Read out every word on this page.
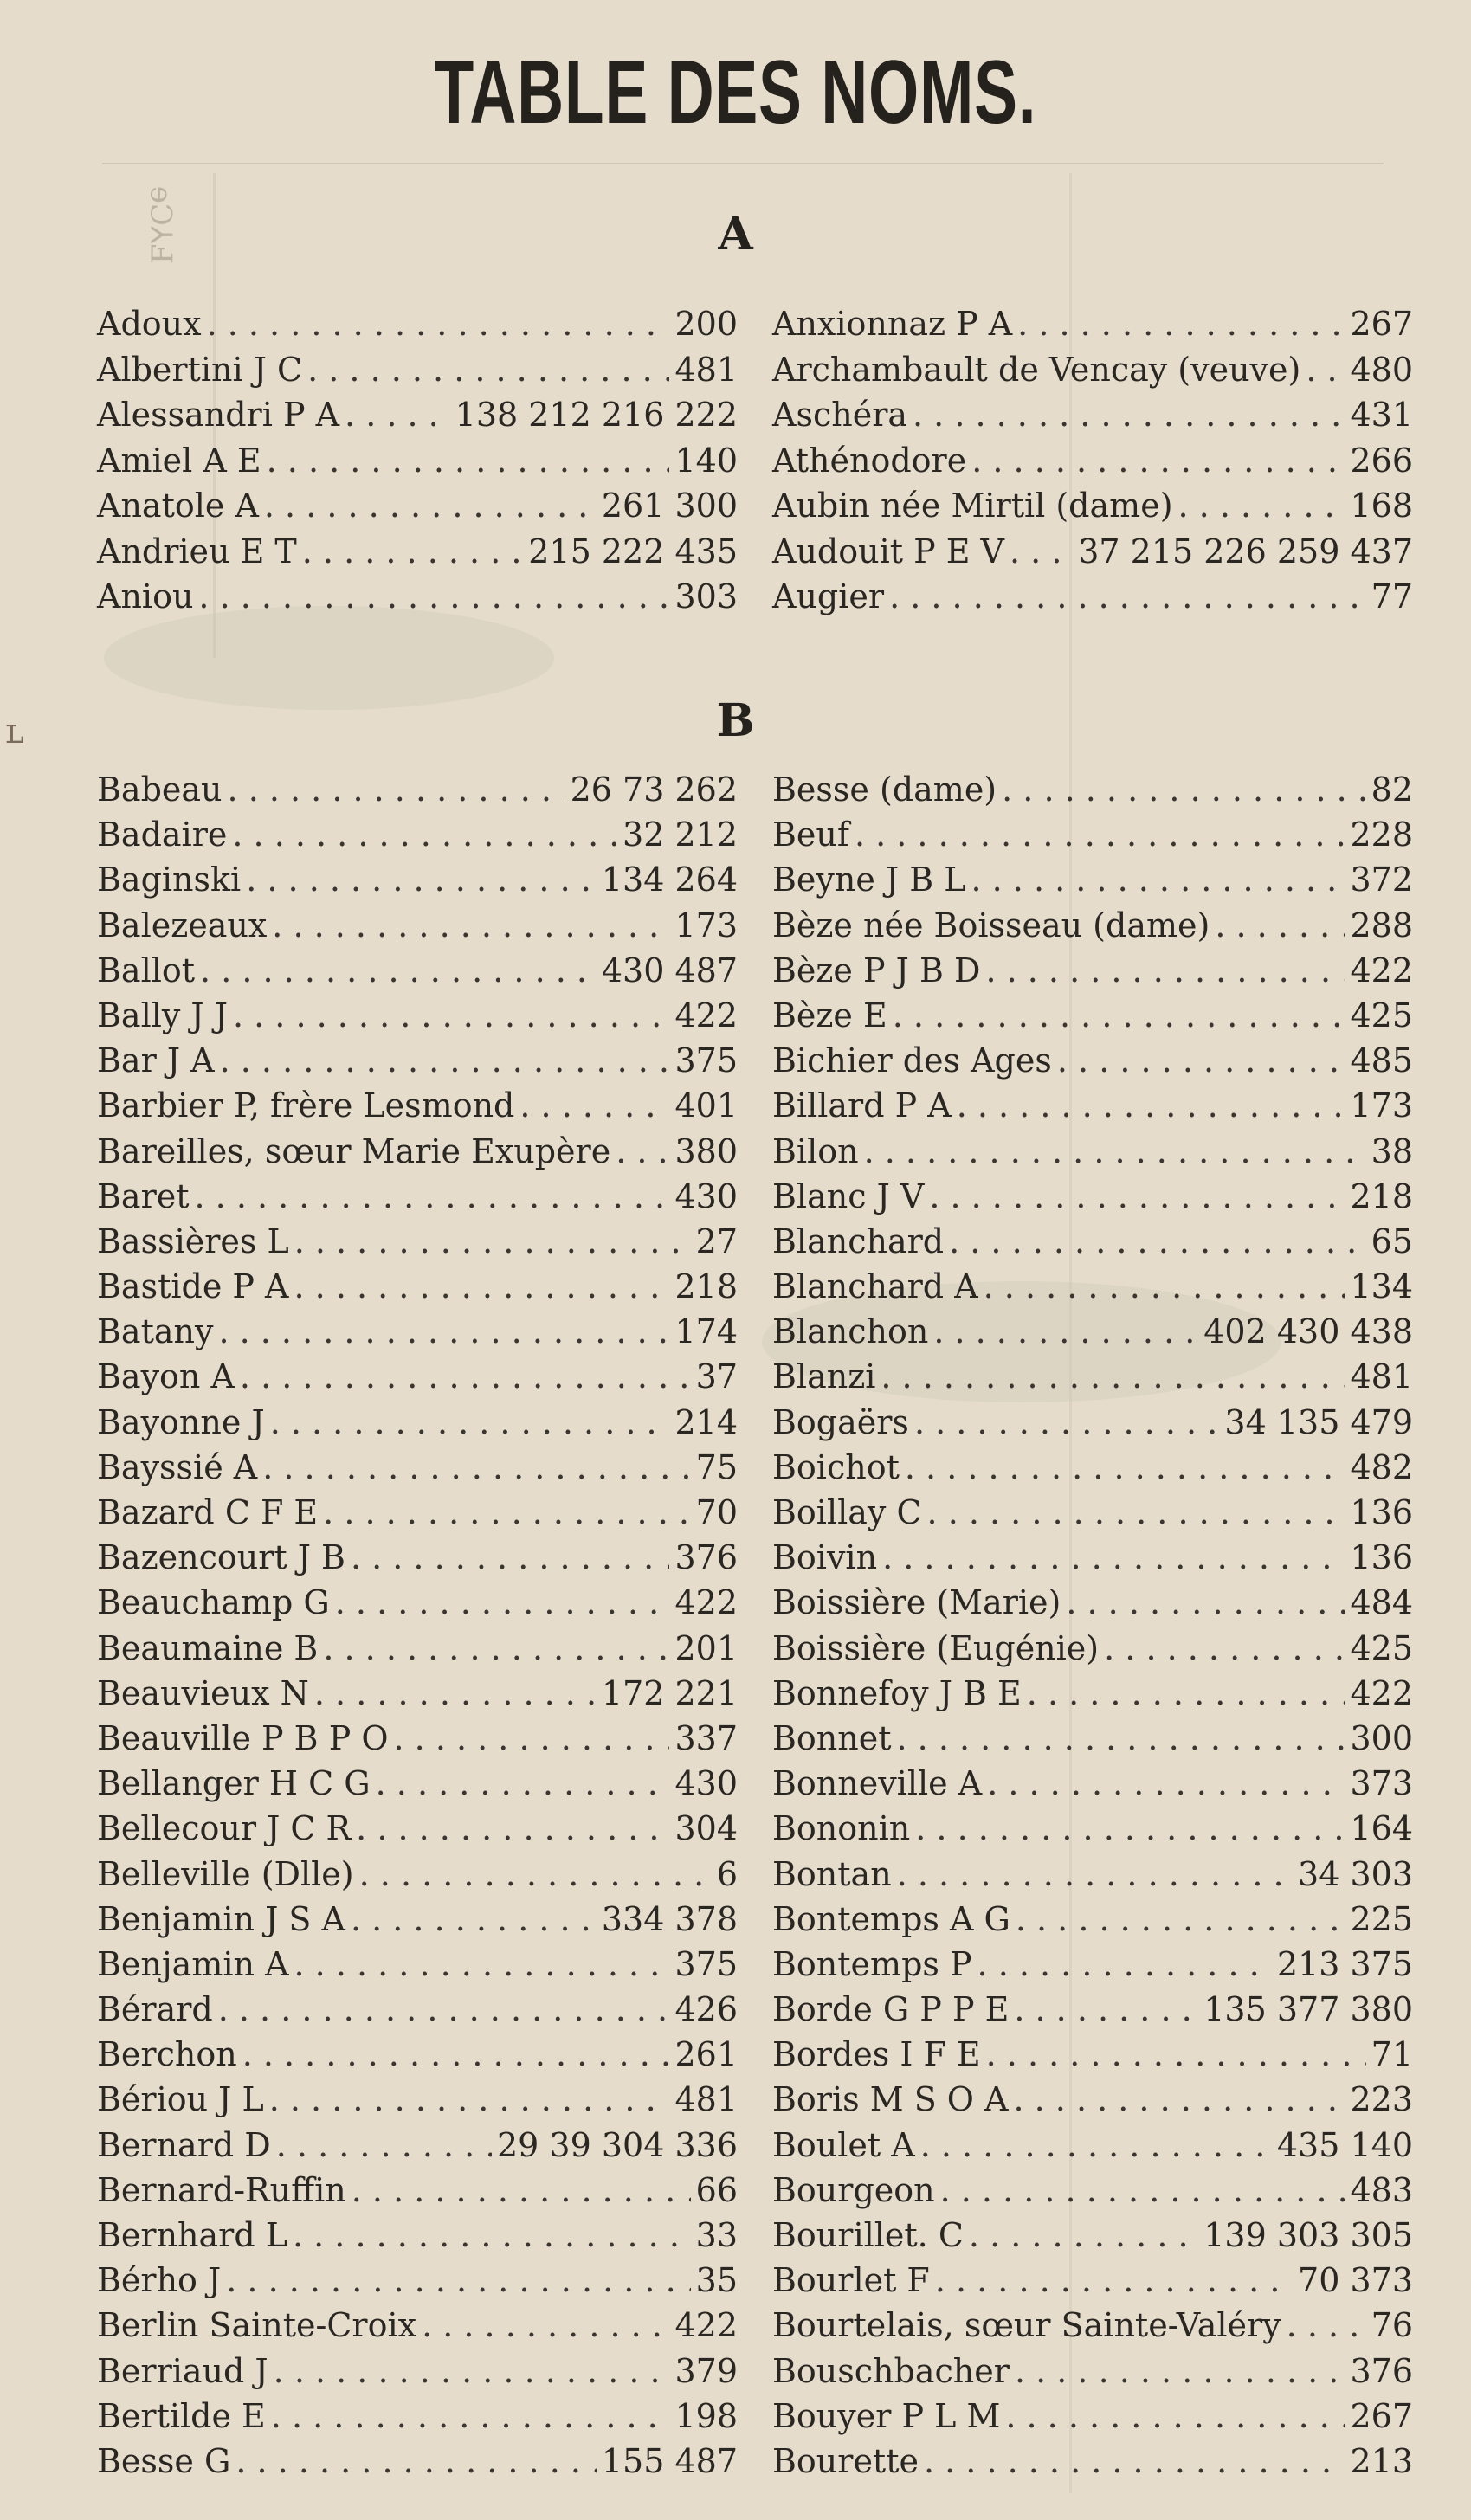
TABLE DES NOMS.
ɘƆ⅄Ⅎ	A
Adoux . . .	200
Albertini J C . . .	481
Alessandri P A . . .	138 212 216 222
Amiel A E . . .	140
Anatole A . . .	261 300
Andrieu E T . . .	215 222 435
Aniou . . .	303
Anxionnaz P A . . .	267
Archambault de Vencay (veuve) . . . 480
Aschéra . . .	431
Athénodore . . .	266
Aubin née Mirtil (dame) . . .	168
Audouit P E V . . . 37 215 226 259 437
Augier . . .	77
B
Babeau . . .	26 73 262
Badaire . . .	32 212
Baginski . . .	134 264
Balezeaux . . .	173
Ballot . . .	430 487
Bally J J . . .	422
Bar J A . . .	375
Barbier P, frère Lesmond . . .	401
Bareilles, sœur Marie Exupère . . . 380
Baret . . .	430
Bassières L . . .	27
Bastide P A . . .	218
Batany . . .	174
Bayon A . . .	37
Bayonne J . . .	214
Bayssié A . . .	75
Bazard C F E . . .	70
Bazencourt J B . . .	376
Beauchamp G . . .	422
Beaumaine B . . .	201
Beauvieux N . . .	172 221
Beauville P B P O . . .	337
Bellanger H C G . . .	430
Bellecour J C R . . .	304
Belleville (Dlle) . . .	6
Benjamin J S A . . .	334 378
Benjamin A . . .	375
Bérard . . .	426
Berchon . . .	261
Bériou J L . . .	481
Bernard D . . .	29 39 304 336
Bernard-Ruffin . . .	66
Bernhard L . . .	33
Bérho J . . .	35
Berlin Sainte-Croix . . .	422
Berriaud J . . .	379
Bertilde E . . .	198
Besse G . . .	155 487
Besse (dame) . . .	82
Beuf . . .	228
Beyne J B L . . .	372
Bèze née Boisseau (dame) . . .	288
Bèze P J B D . . .	422
Bèze E . . .	425
Bichier des Ages . . .	485
Billard P A . . .	173
Bilon . . .	38
Blanc J V . . .	218
Blanchard . . .	65
Blanchard A . . .	134
Blanchon . . .	402 430 438
Blanzi . . .	481
Bogaërs . . .	34 135 479
Boichot . . .	482
Boillay C . . .	136
Boivin . . .	136
Boissière (Marie) . . .	484
Boissière (Eugénie) . . .	425
Bonnefoy J B E . . .	422
Bonnet . . .	300
Bonneville A . . .	373
Bononin . . .	164
Bontan . . .	34 303
Bontemps A G . . .	225
Bontemps P . . .	213 375
Borde G P P E . . .	135 377 380
Bordes I F E . . .	71
Boris M S O A . . .	223
Boulet A . . .	435 140
Bourgeon . . .	483
Bourillet. C . . .	139 303 305
Bourlet F . . .	70 373
Bourtelais, sœur Sainte-Valéry . . .	76
Bouschbacher . . .	376
Bouyer P L M . . .	267
Bourette . . .	213
ʟ
